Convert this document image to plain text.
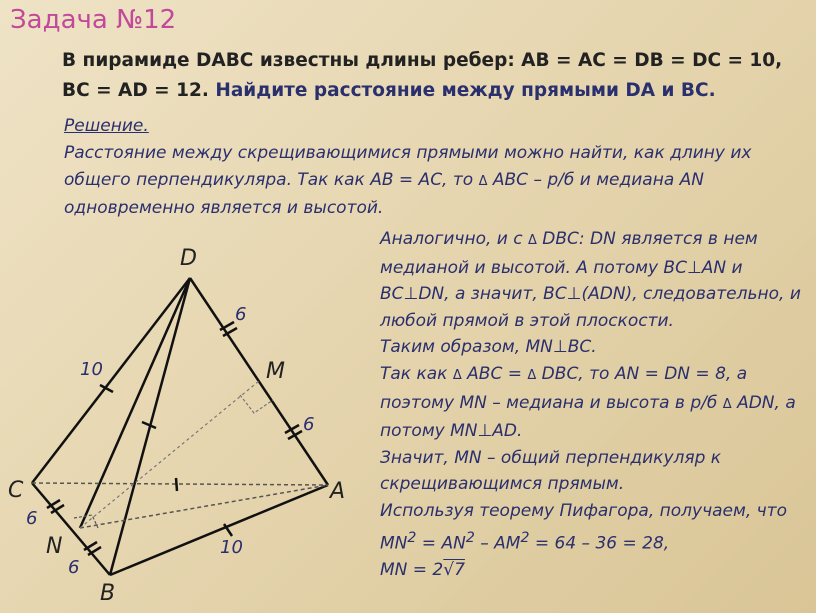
Задача №12
В пирамиде DABC известны длины ребер: AB = AC = DB = DC = 10,
BC = AD = 12. Найдите расстояние между прямыми DA и BC.
Решение.
Расстояние между скрещивающимися прямыми можно найти, как длину их общего перпендикуляра. Так как AB = AC, то Δ ABC – р/б и медиана AN одновременно является и высотой.

Аналогично, и с Δ DBC: DN является в нем медианой и высотой. А потому BC⊥AN и BC⊥DN, а значит, BC⊥(ADN), следовательно, и любой прямой в этой плоскости.

Таким образом, MN⊥BC.

Так как Δ ABC = Δ DBC, то AN = DN = 8, а поэтому MN – медиана и высота в р/б Δ ADN, а потому MN⊥AD.

Значит, MN – общий перпендикуляр к скрещивающимся прямым.

Используя теорему Пифагора, получаем, что $MN^2 = AN^2 - AM^2 = 64 - 36 = 28$,

MN = 2√7

D
C	A
B
N
M
10
6
6
6
6
10
